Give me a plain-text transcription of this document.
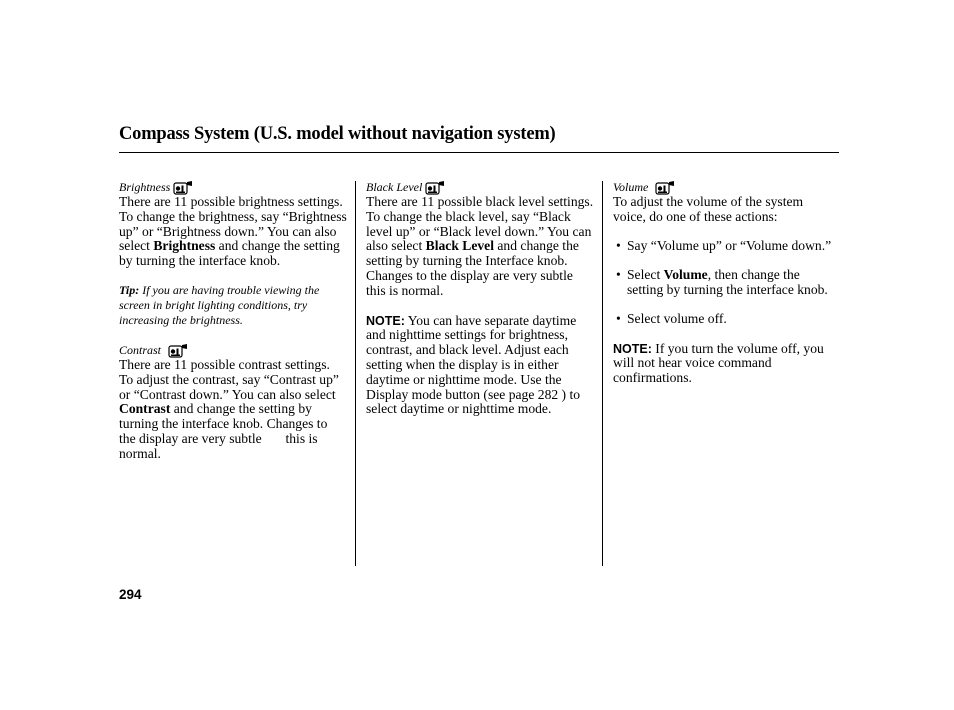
Compass System (U.S. model without navigation system)
Brightness

There are 11 possible brightness settings. To change the brightness, say “Brightness up” or “Brightness down.” You can also select Brightness and change the setting by turning the interface knob.

Tip: If you are having trouble viewing the screen in bright lighting conditions, try increasing the brightness.

Contrast

There are 11 possible contrast settings. To adjust the contrast, say “Contrast up” or “Contrast down.” You can also select Contrast and change the setting by turning the interface knob. Changes to the display are very subtle       this is normal.

Black Level

There are 11 possible black level settings. To change the black level, say “Black level up” or “Black level down.” You can also select Black Level and change the setting by turning the Interface knob. Changes to the display are very subtle       this is normal.

NOTE: You can have separate daytime and nighttime settings for brightness, contrast, and black level. Adjust each setting when the display is in either daytime or nighttime mode. Use the Display mode button (see page 282 ) to select daytime or nighttime mode.

Volume

To adjust the volume of the system voice, do one of these actions:

• Say “Volume up” or “Volume down.”
• Select Volume, then change the setting by turning the interface knob.
• Select volume off.

NOTE: If you turn the volume off, you will not hear voice command confirmations.

294
